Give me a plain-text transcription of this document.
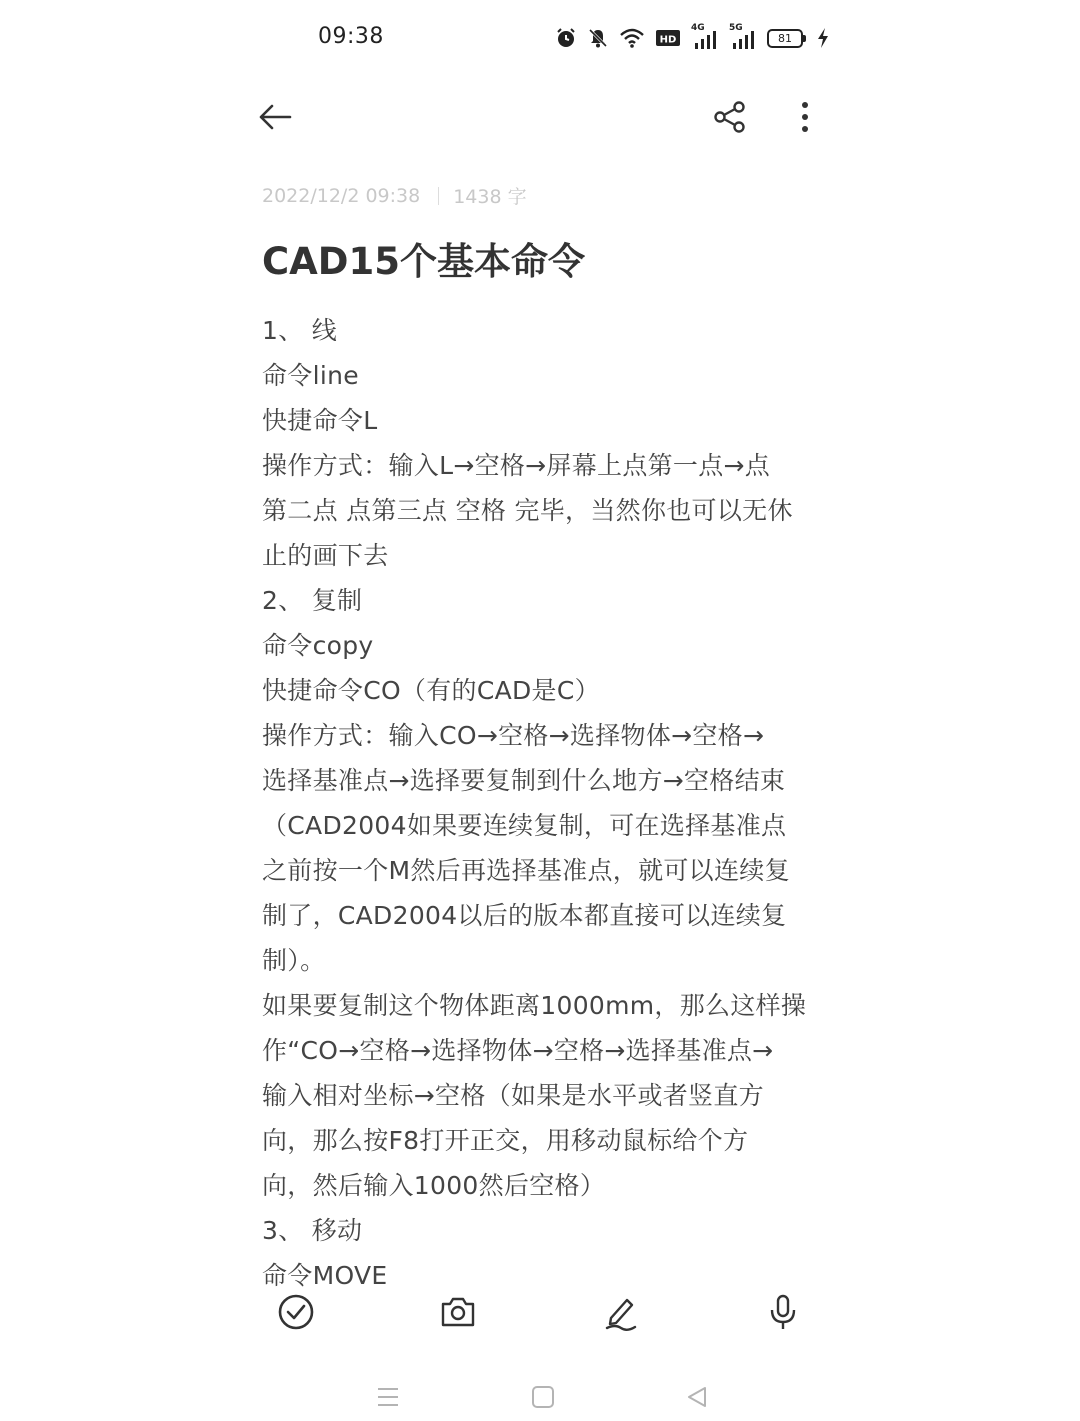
09:38	HD
4G	5G
81
2022/12/2 09:38 1438 字
CAD15个基本命令
1、 线
命令line
快捷命令L
操作方式：输入L→空格→屏幕上点第一点→点
第二点 点第三点 空格 完毕，当然你也可以无休
止的画下去
2、 复制
命令copy
快捷命令CO（有的CAD是C）
操作方式：输入CO→空格→选择物体→空格→
选择基准点→选择要复制到什么地方→空格结束
（CAD2004如果要连续复制，可在选择基准点
之前按一个M然后再选择基准点，就可以连续复
制了，CAD2004以后的版本都直接可以连续复
制）。
如果要复制这个物体距离1000mm，那么这样操
作“CO→空格→选择物体→空格→选择基准点→
输入相对坐标→空格（如果是水平或者竖直方
向，那么按F8打开正交，用移动鼠标给个方
向，然后输入1000然后空格）
3、 移动
命令MOVE
